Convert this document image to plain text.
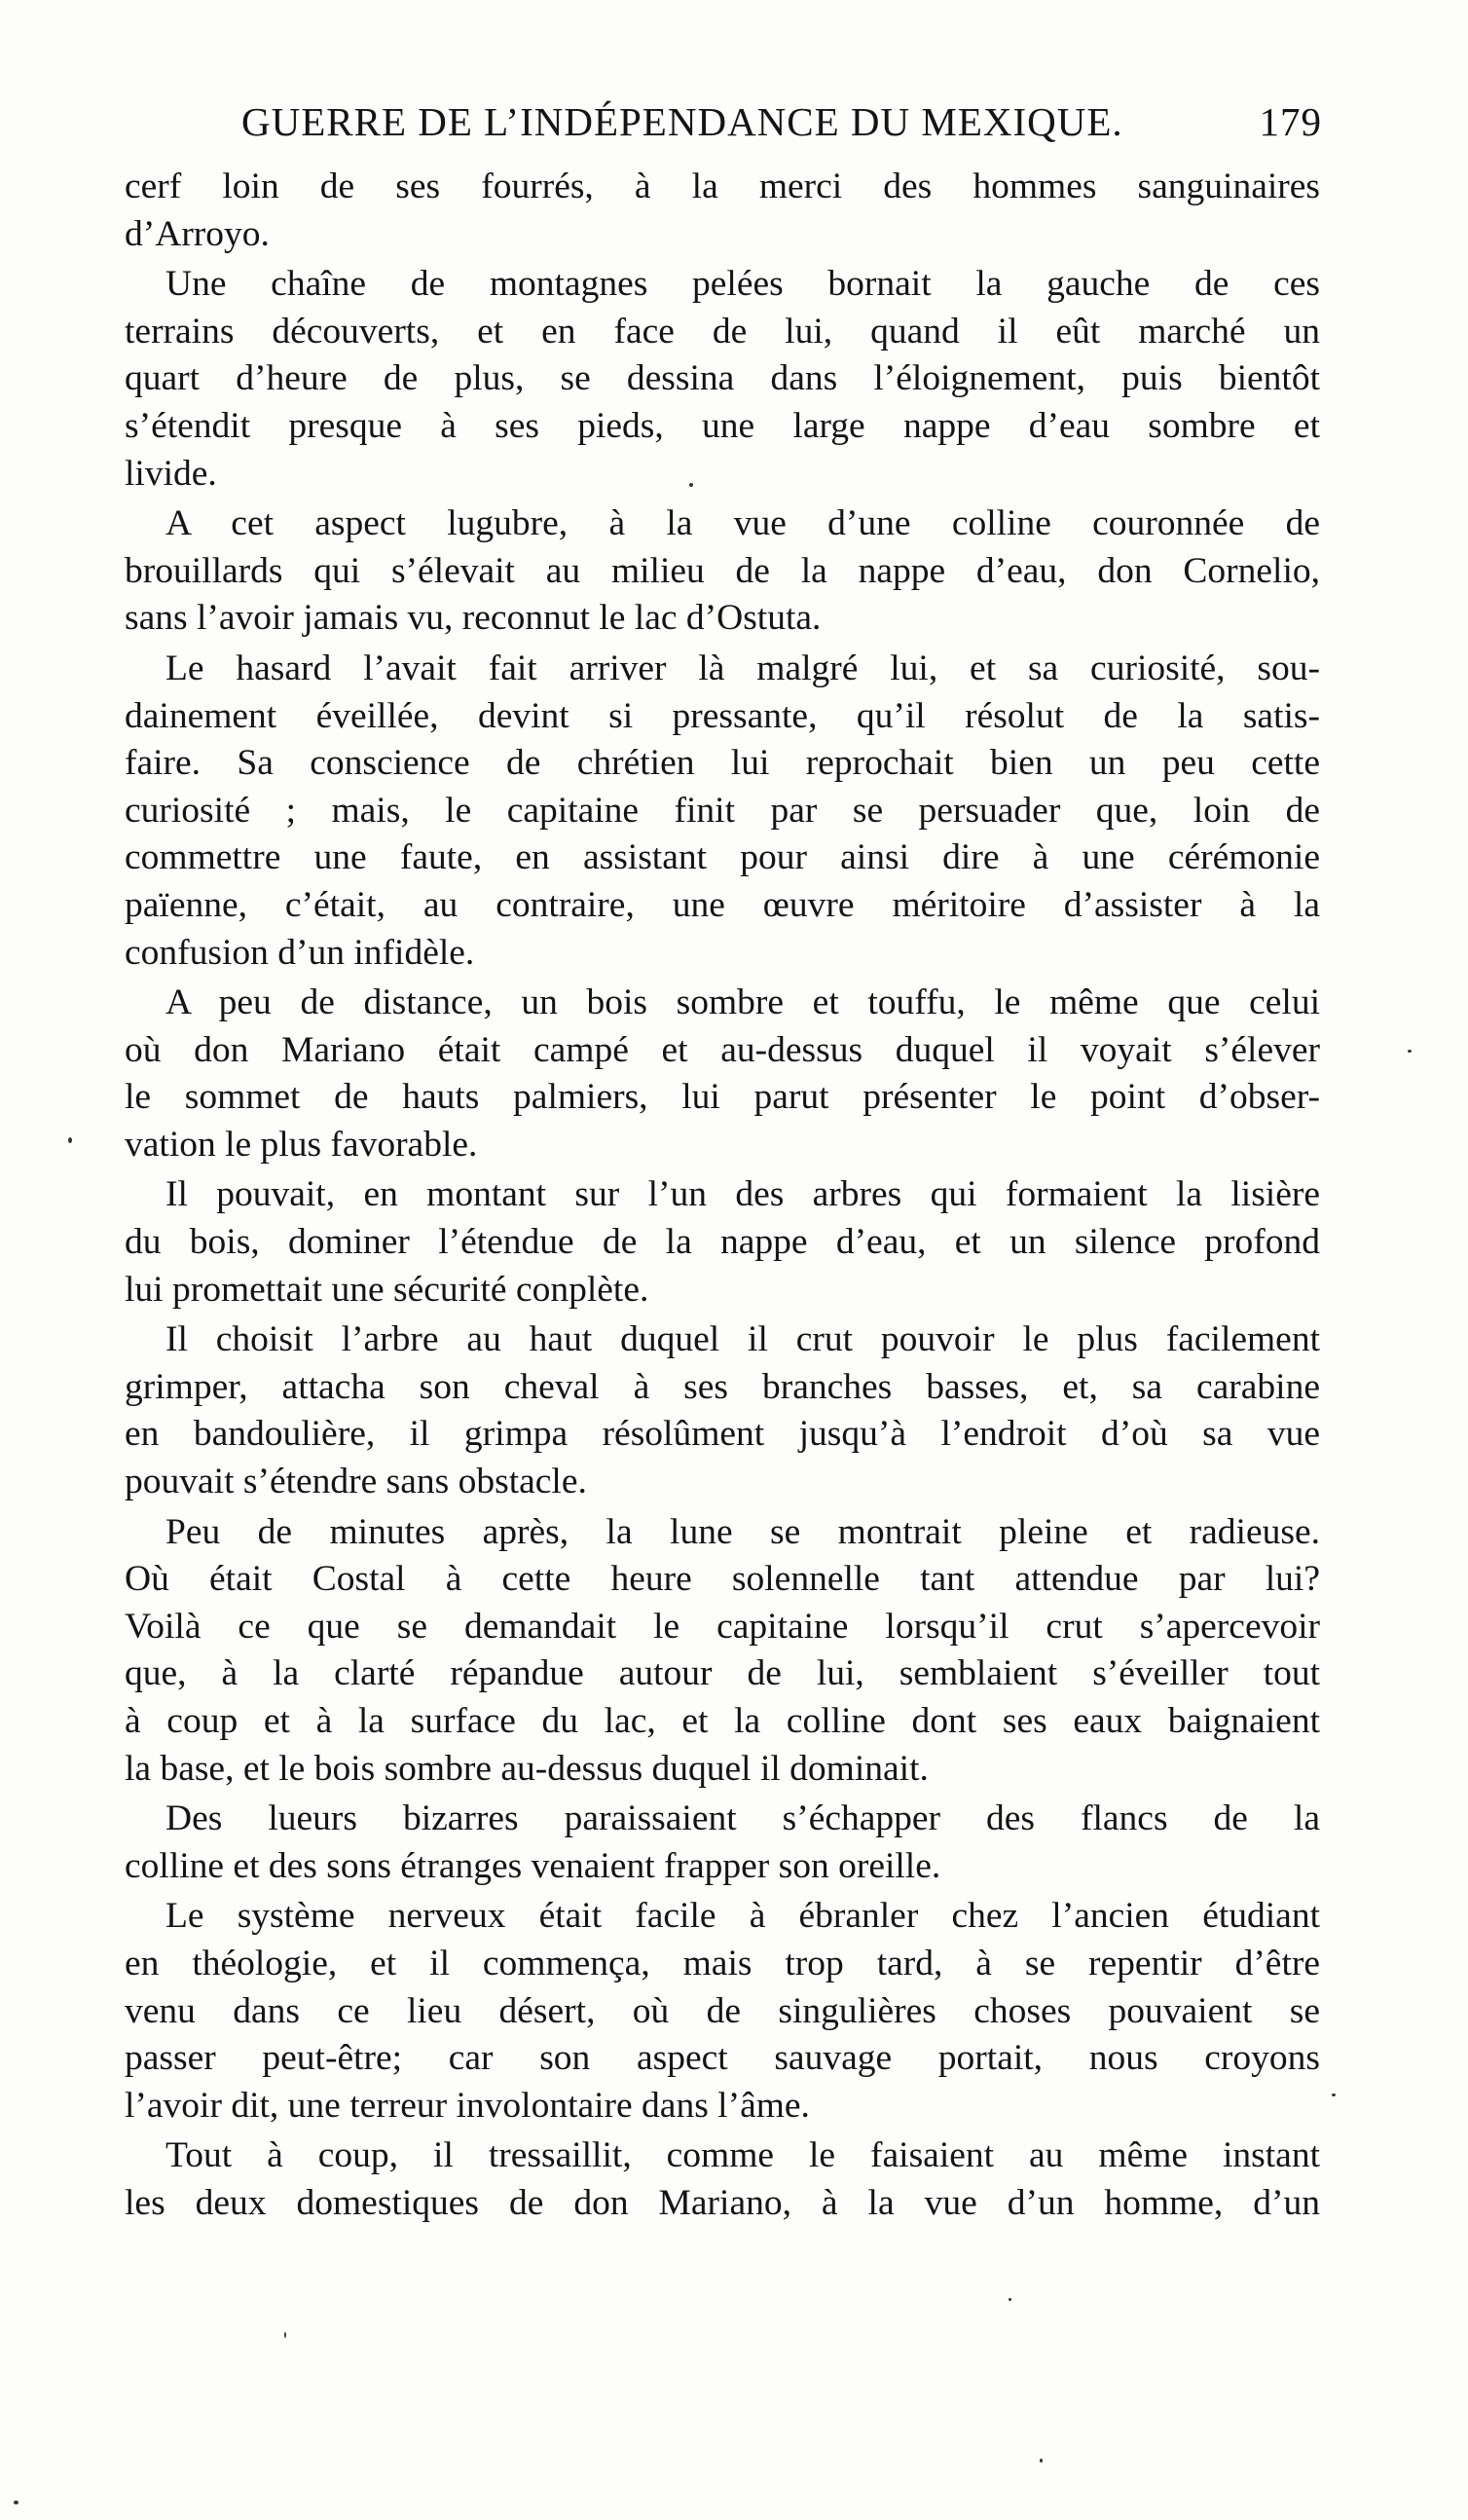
GUERRE DE L’INDÉPENDANCE DU MEXIQUE.	179
cerf loin de ses fourrés, à la merci des hommes sanguinaires
d’Arroyo.
Une chaîne de montagnes pelées bornait la gauche de ces
terrains découverts, et en face de lui, quand il eût marché un
quart d’heure de plus, se dessina dans l’éloignement, puis bientôt
s’étendit presque à ses pieds, une large nappe d’eau sombre et
livide.
A cet aspect lugubre, à la vue d’une colline couronnée de
brouillards qui s’élevait au milieu de la nappe d’eau, don Cornelio,
sans l’avoir jamais vu, reconnut le lac d’Ostuta.
Le hasard l’avait fait arriver là malgré lui, et sa curiosité, sou-
dainement éveillée, devint si pressante, qu’il résolut de la satis-
faire. Sa conscience de chrétien lui reprochait bien un peu cette
curiosité ; mais, le capitaine finit par se persuader que, loin de
commettre une faute, en assistant pour ainsi dire à une cérémonie
païenne, c’était, au contraire, une œuvre méritoire d’assister à la
confusion d’un infidèle.
A peu de distance, un bois sombre et touffu, le même que celui
où don Mariano était campé et au-dessus duquel il voyait s’élever
le sommet de hauts palmiers, lui parut présenter le point d’obser-
vation le plus favorable.
Il pouvait, en montant sur l’un des arbres qui formaient la lisière
du bois, dominer l’étendue de la nappe d’eau, et un silence profond
lui promettait une sécurité conplète.
Il choisit l’arbre au haut duquel il crut pouvoir le plus facilement
grimper, attacha son cheval à ses branches basses, et, sa carabine
en bandoulière, il grimpa résolûment jusqu’à l’endroit d’où sa vue
pouvait s’étendre sans obstacle.
Peu de minutes après, la lune se montrait pleine et radieuse.
Où était Costal à cette heure solennelle tant attendue par lui?
Voilà ce que se demandait le capitaine lorsqu’il crut s’apercevoir
que, à la clarté répandue autour de lui, semblaient s’éveiller tout
à coup et à la surface du lac, et la colline dont ses eaux baignaient
la base, et le bois sombre au-dessus duquel il dominait.
Des lueurs bizarres paraissaient s’échapper des flancs de la
colline et des sons étranges venaient frapper son oreille.
Le système nerveux était facile à ébranler chez l’ancien étudiant
en théologie, et il commença, mais trop tard, à se repentir d’être
venu dans ce lieu désert, où de singulières choses pouvaient se
passer peut-être; car son aspect sauvage portait, nous croyons
l’avoir dit, une terreur involontaire dans l’âme.
Tout à coup, il tressaillit, comme le faisaient au même instant
les deux domestiques de don Mariano, à la vue d’un homme, d’un
